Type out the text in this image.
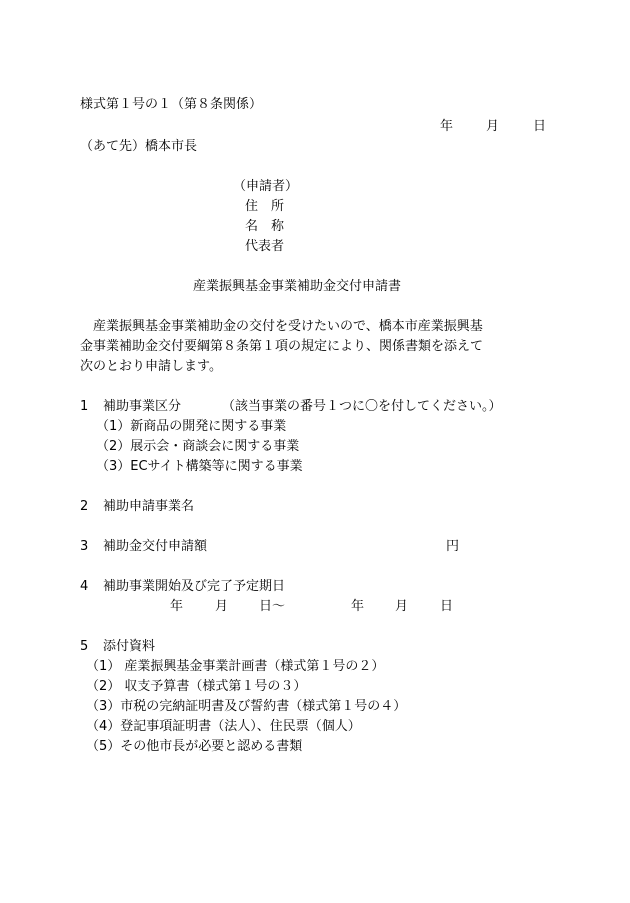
様式第１号の１（第８条関係）
年	月	日
（あて先）橋本市長
（申請者）
住　所
名　称
代表者
産業振興基金事業補助金交付申請書
産業振興基金事業補助金の交付を受けたいので、橋本市産業振興基
金事業補助金交付要綱第８条第１項の規定により、関係書類を添えて
次のとおり申請します。
1 補助事業区分	（該当事業の番号１つに〇を付してください。）
（1）新商品の開発に関する事業
（2）展示会・商談会に関する事業
（3）ECサイト構築等に関する事業
2 補助申請事業名
3 補助金交付申請額	円
4 補助事業開始及び完了予定期日
年 月 日～	年 月 日
5 添付資料
（1） 産業振興基金事業計画書（様式第１号の２）
（2） 収支予算書（様式第１号の３）
（3）市税の完納証明書及び誓約書（様式第１号の４）
（4）登記事項証明書（法人）、住民票（個人）
（5）その他市長が必要と認める書類
